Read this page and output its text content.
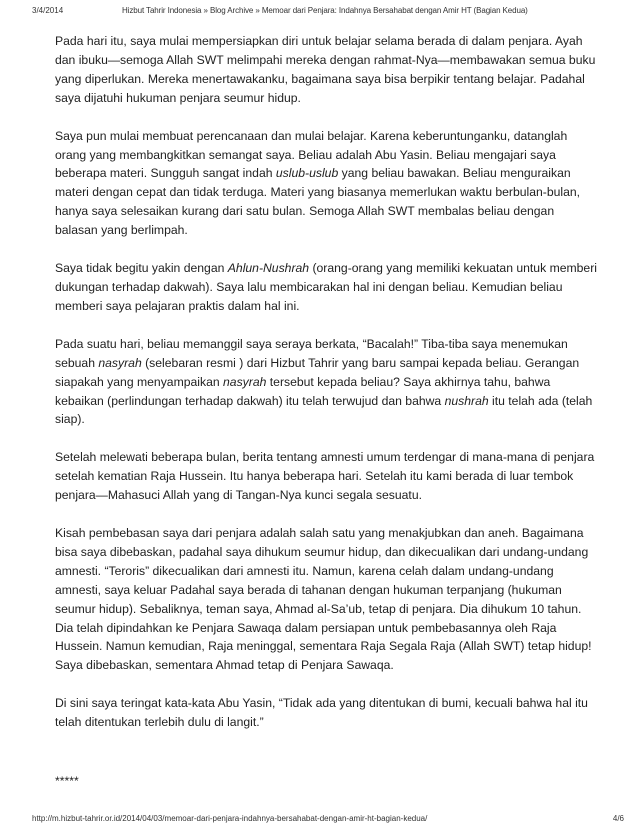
3/4/2014	Hizbut Tahrir Indonesia » Blog Archive » Memoar dari Penjara: Indahnya Bersahabat dengan Amir HT (Bagian Kedua)

Pada hari itu, saya mulai mempersiapkan diri untuk belajar selama berada di dalam penjara. Ayah dan ibuku—semoga Allah SWT melimpahi mereka dengan rahmat-Nya—membawakan semua buku yang diperlukan. Mereka menertawakanku, bagaimana saya bisa berpikir tentang belajar. Padahal saya dijatuhi hukuman penjara seumur hidup.

Saya pun mulai membuat perencanaan dan mulai belajar. Karena keberuntunganku, datanglah orang yang membangkitkan semangat saya. Beliau adalah Abu Yasin. Beliau mengajari saya beberapa materi. Sungguh sangat indah uslub-uslub yang beliau bawakan. Beliau menguraikan materi dengan cepat dan tidak terduga. Materi yang biasanya memerlukan waktu berbulan-bulan, hanya saya selesaikan kurang dari satu bulan. Semoga Allah SWT membalas beliau dengan balasan yang berlimpah.

Saya tidak begitu yakin dengan Ahlun-Nushrah (orang-orang yang memiliki kekuatan untuk memberi dukungan terhadap dakwah). Saya lalu membicarakan hal ini dengan beliau. Kemudian beliau memberi saya pelajaran praktis dalam hal ini.

Pada suatu hari, beliau memanggil saya seraya berkata, “Bacalah!” Tiba-tiba saya menemukan sebuah nasyrah (selebaran resmi ) dari Hizbut Tahrir yang baru sampai kepada beliau. Gerangan siapakah yang menyampaikan nasyrah tersebut kepada beliau? Saya akhirnya tahu, bahwa kebaikan (perlindungan terhadap dakwah) itu telah terwujud dan bahwa nushrah itu telah ada (telah siap).

Setelah melewati beberapa bulan, berita tentang amnesti umum terdengar di mana-mana di penjara setelah kematian Raja Hussein. Itu hanya beberapa hari. Setelah itu kami berada di luar tembok penjara—Mahasuci Allah yang di Tangan-Nya kunci segala sesuatu.

Kisah pembebasan saya dari penjara adalah salah satu yang menakjubkan dan aneh. Bagaimana bisa saya dibebaskan, padahal saya dihukum seumur hidup, dan dikecualikan dari undang-undang amnesti. “Teroris” dikecualikan dari amnesti itu. Namun, karena celah dalam undang-undang amnesti, saya keluar Padahal saya berada di tahanan dengan hukuman terpanjang (hukuman seumur hidup). Sebaliknya, teman saya, Ahmad al-Sa’ub, tetap di penjara. Dia dihukum 10 tahun. Dia telah dipindahkan ke Penjara Sawaqa dalam persiapan untuk pembebasannya oleh Raja Hussein. Namun kemudian, Raja meninggal, sementara Raja Segala Raja (Allah SWT) tetap hidup! Saya dibebaskan, sementara Ahmad tetap di Penjara Sawaqa.

Di sini saya teringat kata-kata Abu Yasin, “Tidak ada yang ditentukan di bumi, kecuali bahwa hal itu telah ditentukan terlebih dulu di langit.”

*****

http://m.hizbut-tahrir.or.id/2014/04/03/memoar-dari-penjara-indahnya-bersahabat-dengan-amir-ht-bagian-kedua/	4/6
